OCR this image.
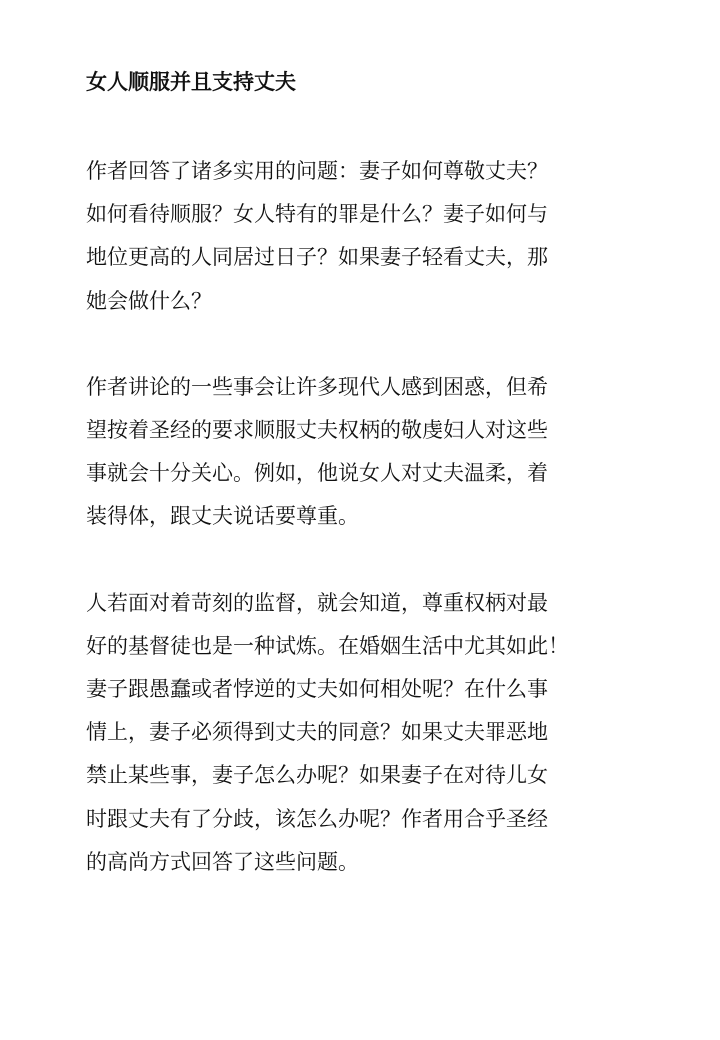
女人顺服并且支持丈夫

作者回答了诸多实用的问题：妻子如何尊敬丈夫？
如何看待顺服？女人特有的罪是什么？妻子如何与
地位更高的人同居过日子？如果妻子轻看丈夫，那
她会做什么？

作者讲论的一些事会让许多现代人感到困惑，但希
望按着圣经的要求顺服丈夫权柄的敬虔妇人对这些
事就会十分关心。例如，他说女人对丈夫温柔，着
装得体，跟丈夫说话要尊重。

人若面对着苛刻的监督，就会知道，尊重权柄对最
好的基督徒也是一种试炼。在婚姻生活中尤其如此！
妻子跟愚蠢或者悖逆的丈夫如何相处呢？在什么事
情上，妻子必须得到丈夫的同意？如果丈夫罪恶地
禁止某些事，妻子怎么办呢？如果妻子在对待儿女
时跟丈夫有了分歧，该怎么办呢？作者用合乎圣经
的高尚方式回答了这些问题。
